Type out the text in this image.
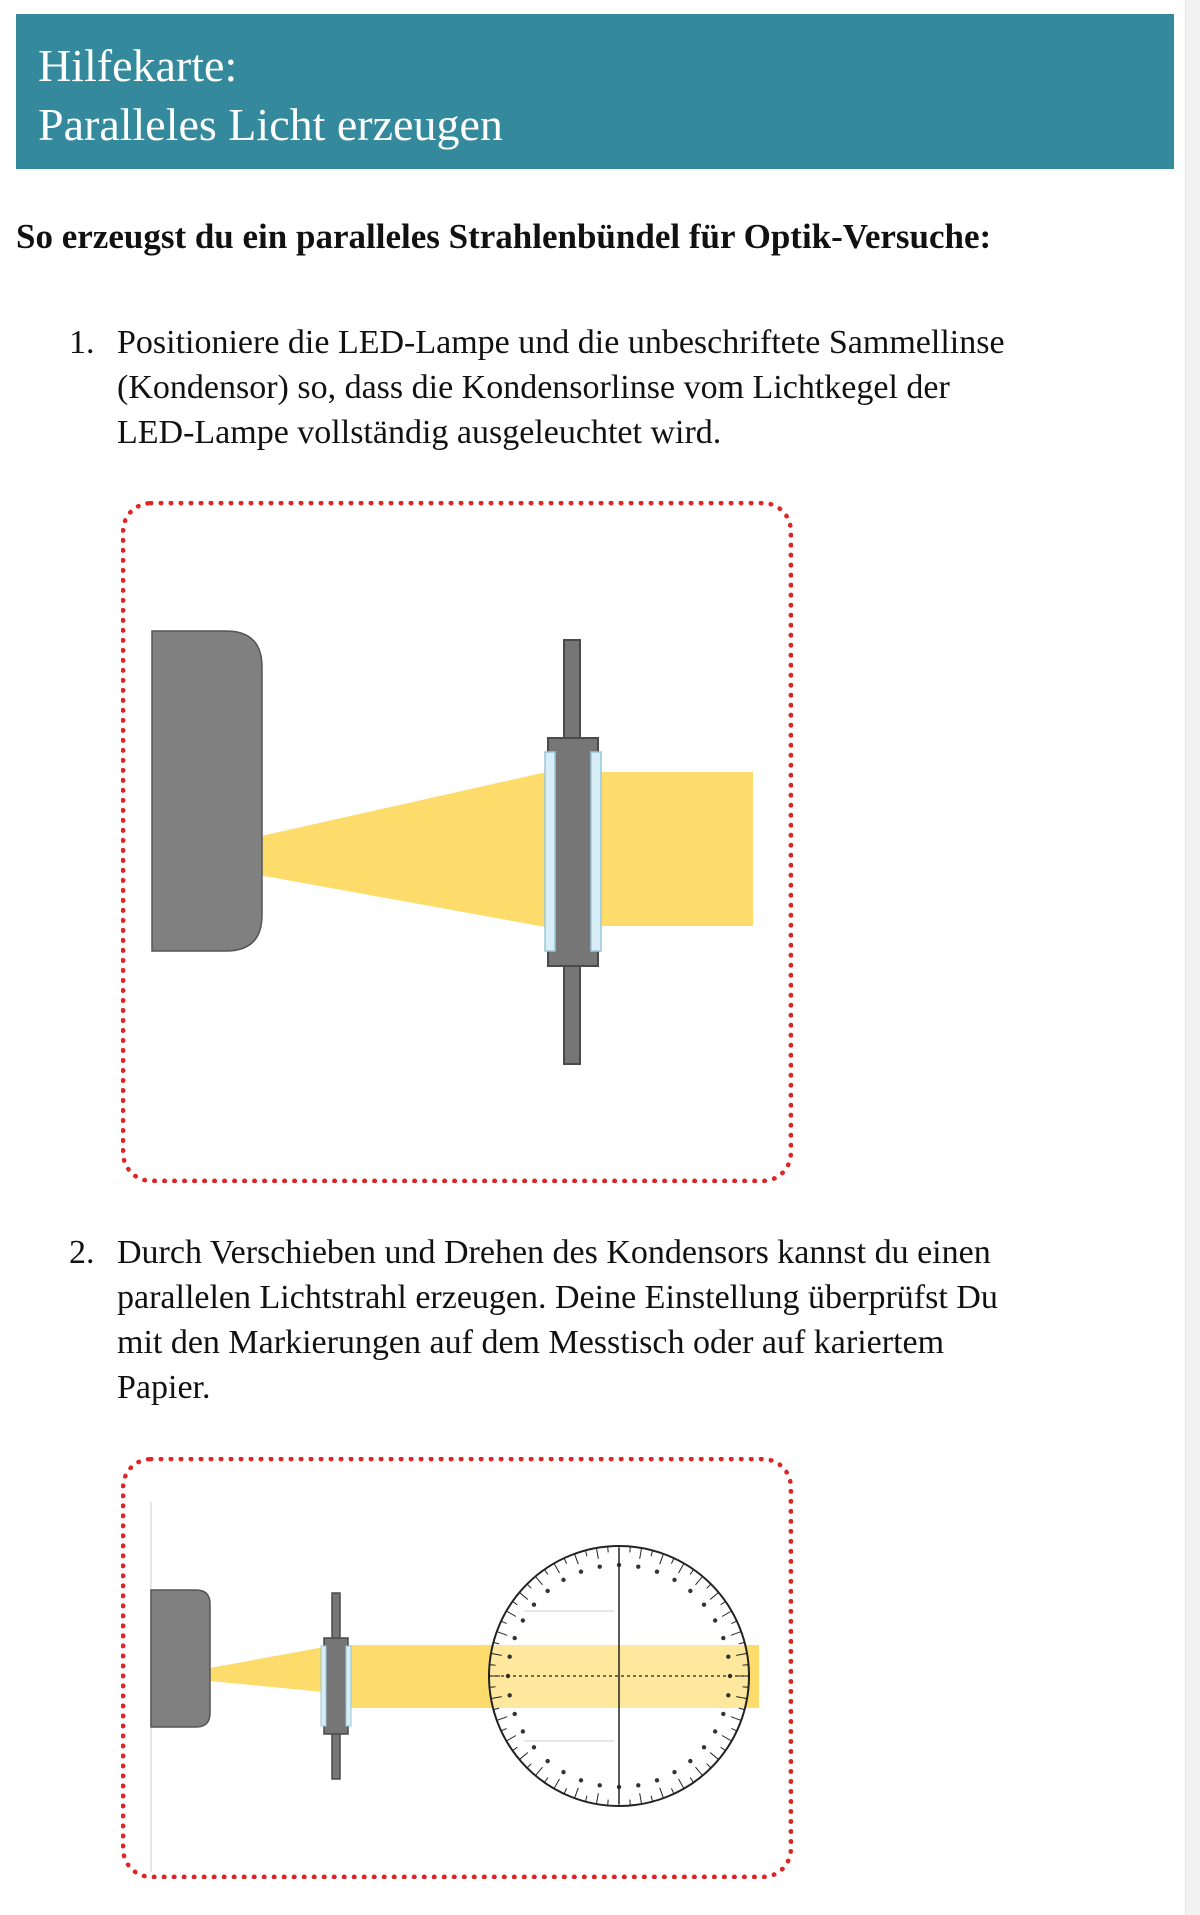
Hilfekarte:
Paralleles Licht erzeugen
So erzeugst du ein paralleles Strahlenbündel für Optik-Versuche:
1. Positioniere die LED-Lampe und die unbeschriftete Sammellinse
(Kondensor) so, dass die Kondensorlinse vom Lichtkegel der
LED-Lampe vollständig ausgeleuchtet wird.
2. Durch Verschieben und Drehen des Kondensors kannst du einen
parallelen Lichtstrahl erzeugen. Deine Einstellung überprüfst Du
mit den Markierungen auf dem Messtisch oder auf kariertem
Papier.
